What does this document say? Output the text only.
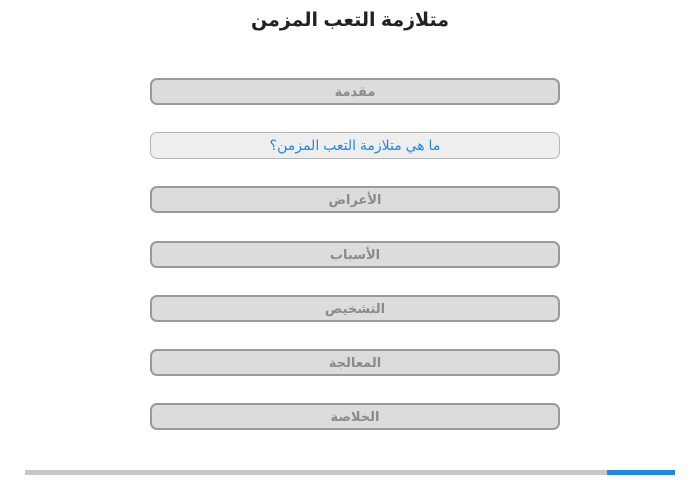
متلازمة التعب المزمن
مقدمة
ما هي متلازمة التعب المزمن؟
الأعراض
الأسباب
التشخيص
المعالجة
الخلاصة
